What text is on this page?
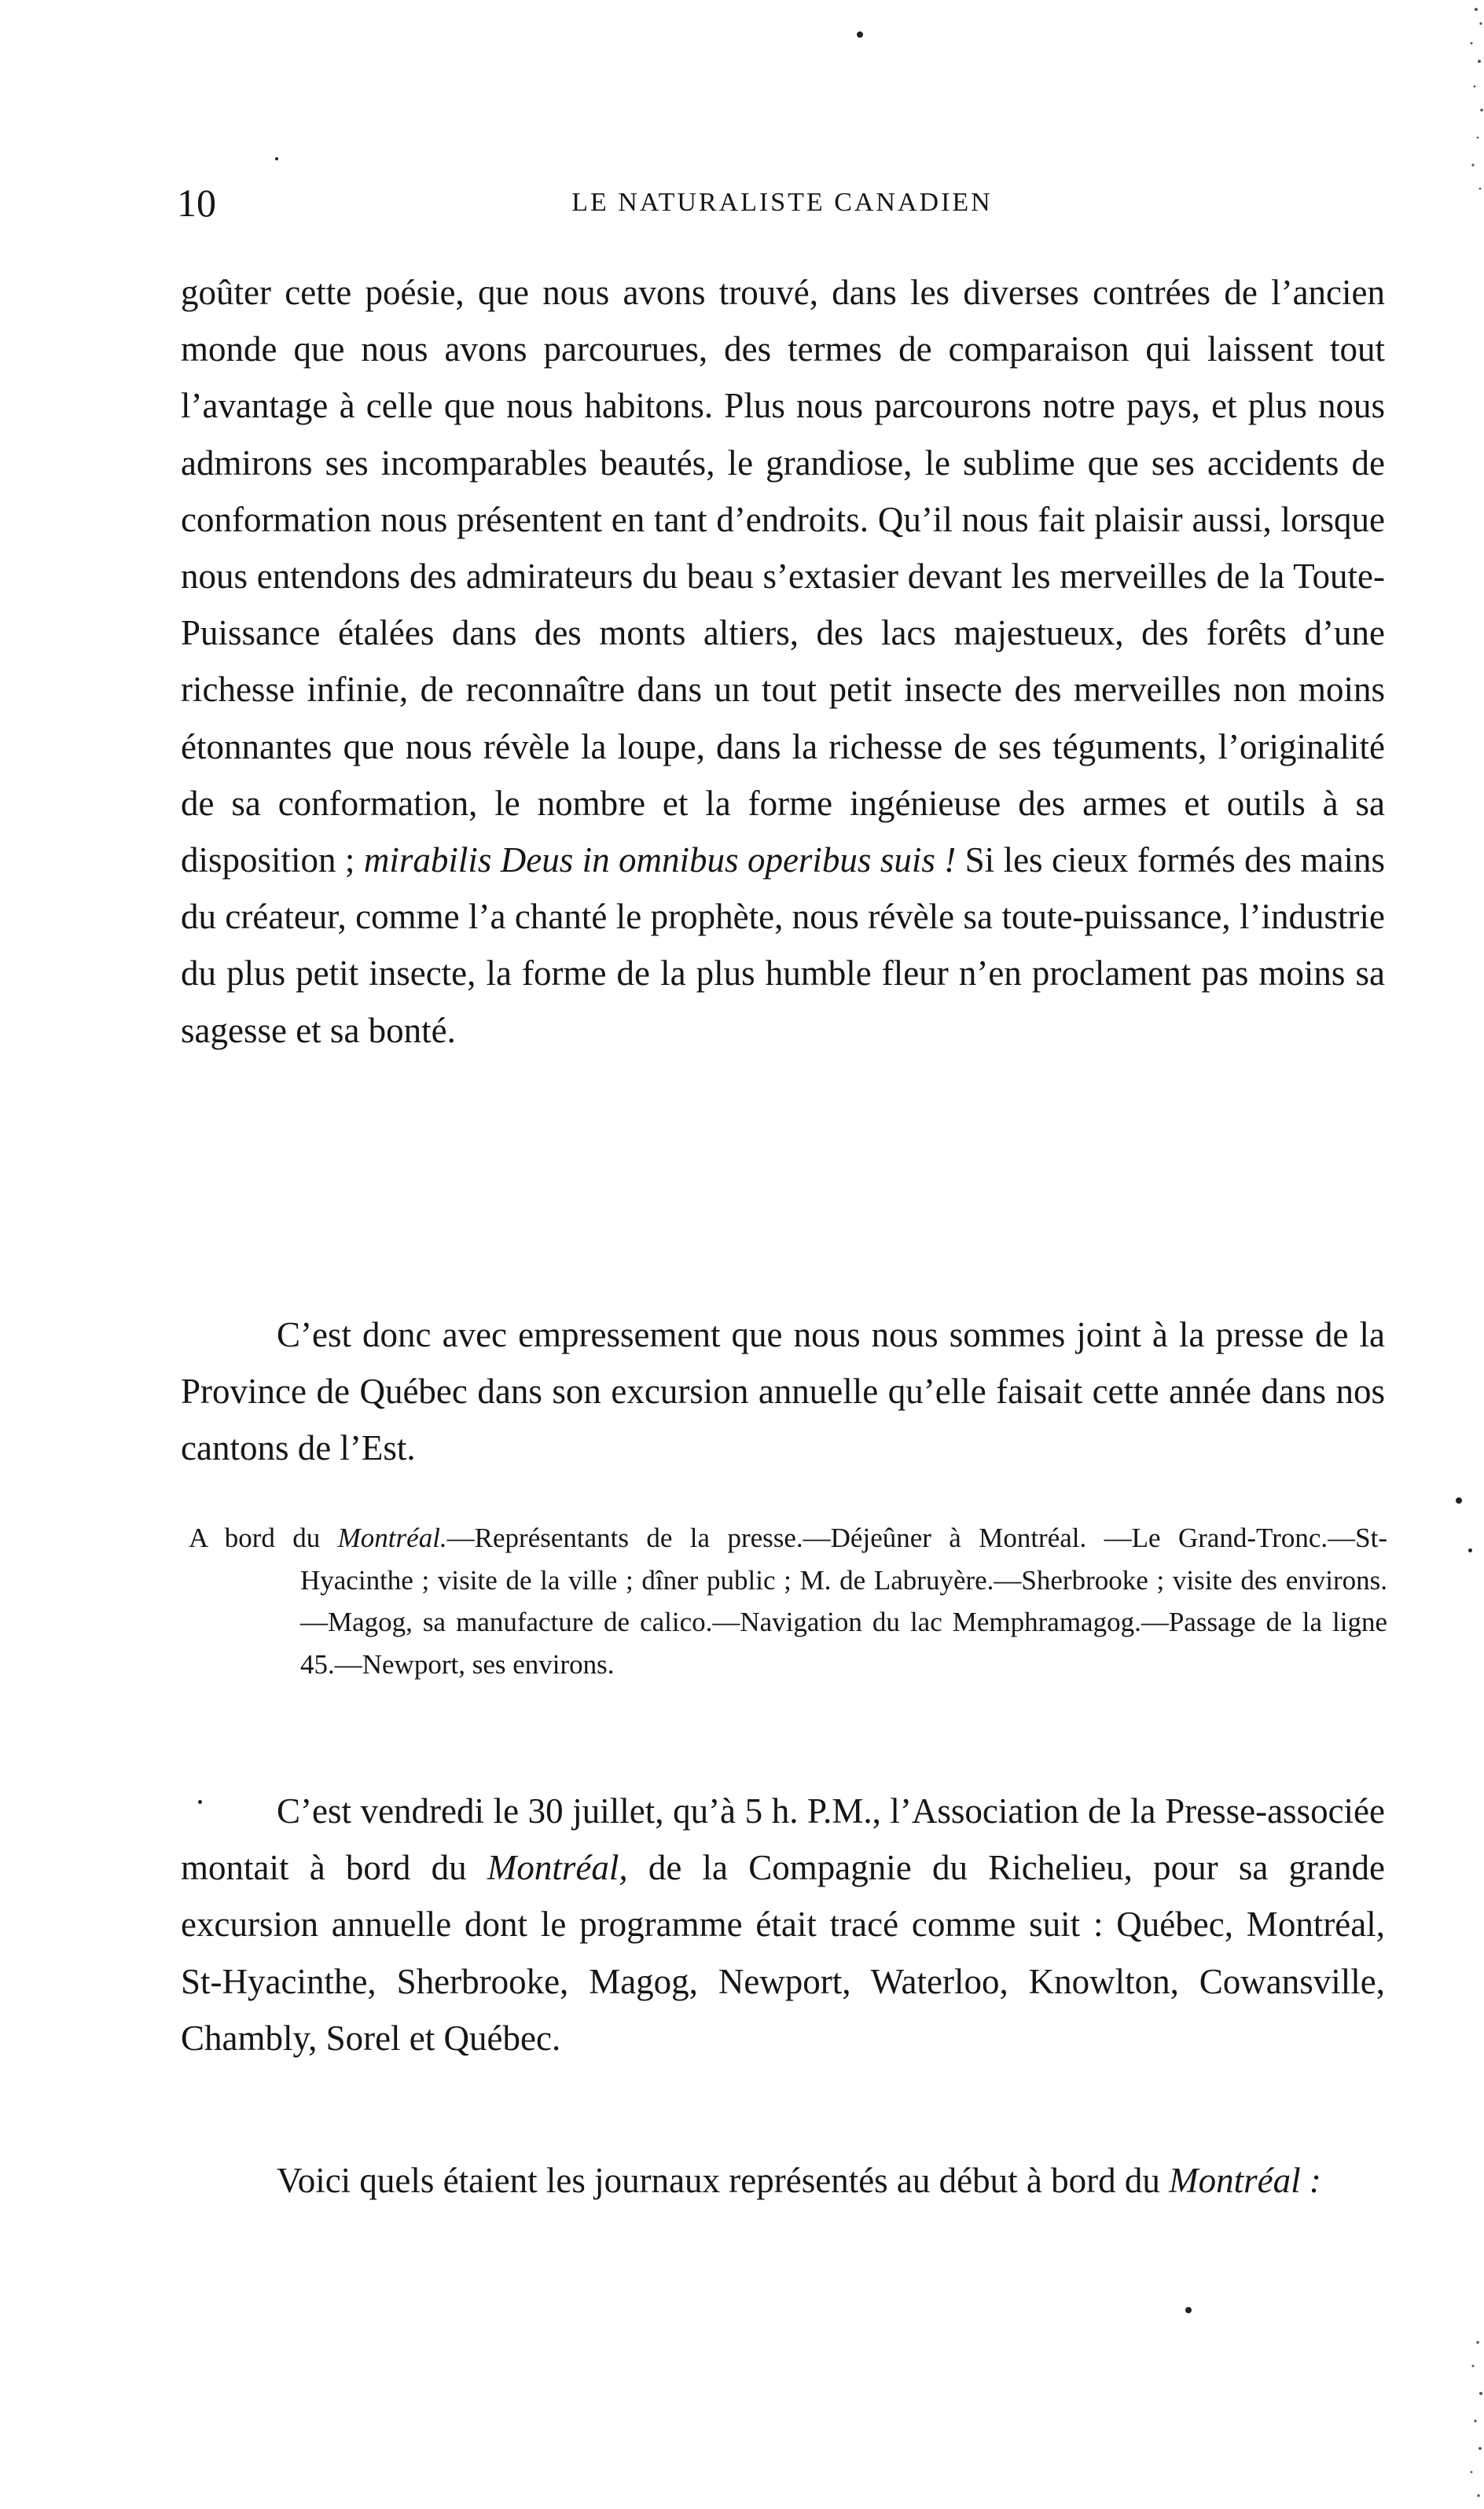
10	LE NATURALISTE CANADIEN

goûter cette poésie, que nous avons trouvé, dans les diverses contrées de l’ancien monde que nous avons parcourues, des termes de comparaison qui laissent tout l’avantage à celle que nous habitons. Plus nous parcourons notre pays, et plus nous admirons ses incomparables beautés, le grandiose, le sublime que ses accidents de conformation nous présentent en tant d’endroits. Qu’il nous fait plaisir aussi, lorsque nous entendons des admirateurs du beau s’extasier devant les merveilles de la Toute-Puissance étalées dans des monts altiers, des lacs majestueux, des forêts d’une richesse infinie, de reconnaître dans un tout petit insecte des merveilles non moins étonnantes que nous révèle la loupe, dans la richesse de ses téguments, l’originalité de sa conformation, le nombre et la forme ingénieuse des armes et outils à sa disposition ; mirabilis Deus in omnibus operibus suis ! Si les cieux formés des mains du créateur, comme l’a chanté le prophète, nous révèle sa toute-puissance, l’industrie du plus petit insecte, la forme de la plus humble fleur n’en proclament pas moins sa sagesse et sa bonté.

C’est donc avec empressement que nous nous sommes joint à la presse de la Province de Québec dans son excursion annuelle qu’elle faisait cette année dans nos cantons de l’Est.

A bord du Montréal.—Représentants de la presse.—Déjeûner à Montréal. —Le Grand-Tronc.—St-Hyacinthe ; visite de la ville ; dîner public ; M. de Labruyère.—Sherbrooke ; visite des environs.—Magog, sa manufacture de calico.—Navigation du lac Memphramagog.—Passage de la ligne 45.—Newport, ses environs.

C’est vendredi le 30 juillet, qu’à 5 h. P.M., l’Association de la Presse-associée montait à bord du Montréal, de la Compagnie du Richelieu, pour sa grande excursion annuelle dont le programme était tracé comme suit : Québec, Montréal, St-Hyacinthe, Sherbrooke, Magog, Newport, Waterloo, Knowlton, Cowansville, Chambly, Sorel et Québec.

Voici quels étaient les journaux représentés au début à bord du Montréal :
